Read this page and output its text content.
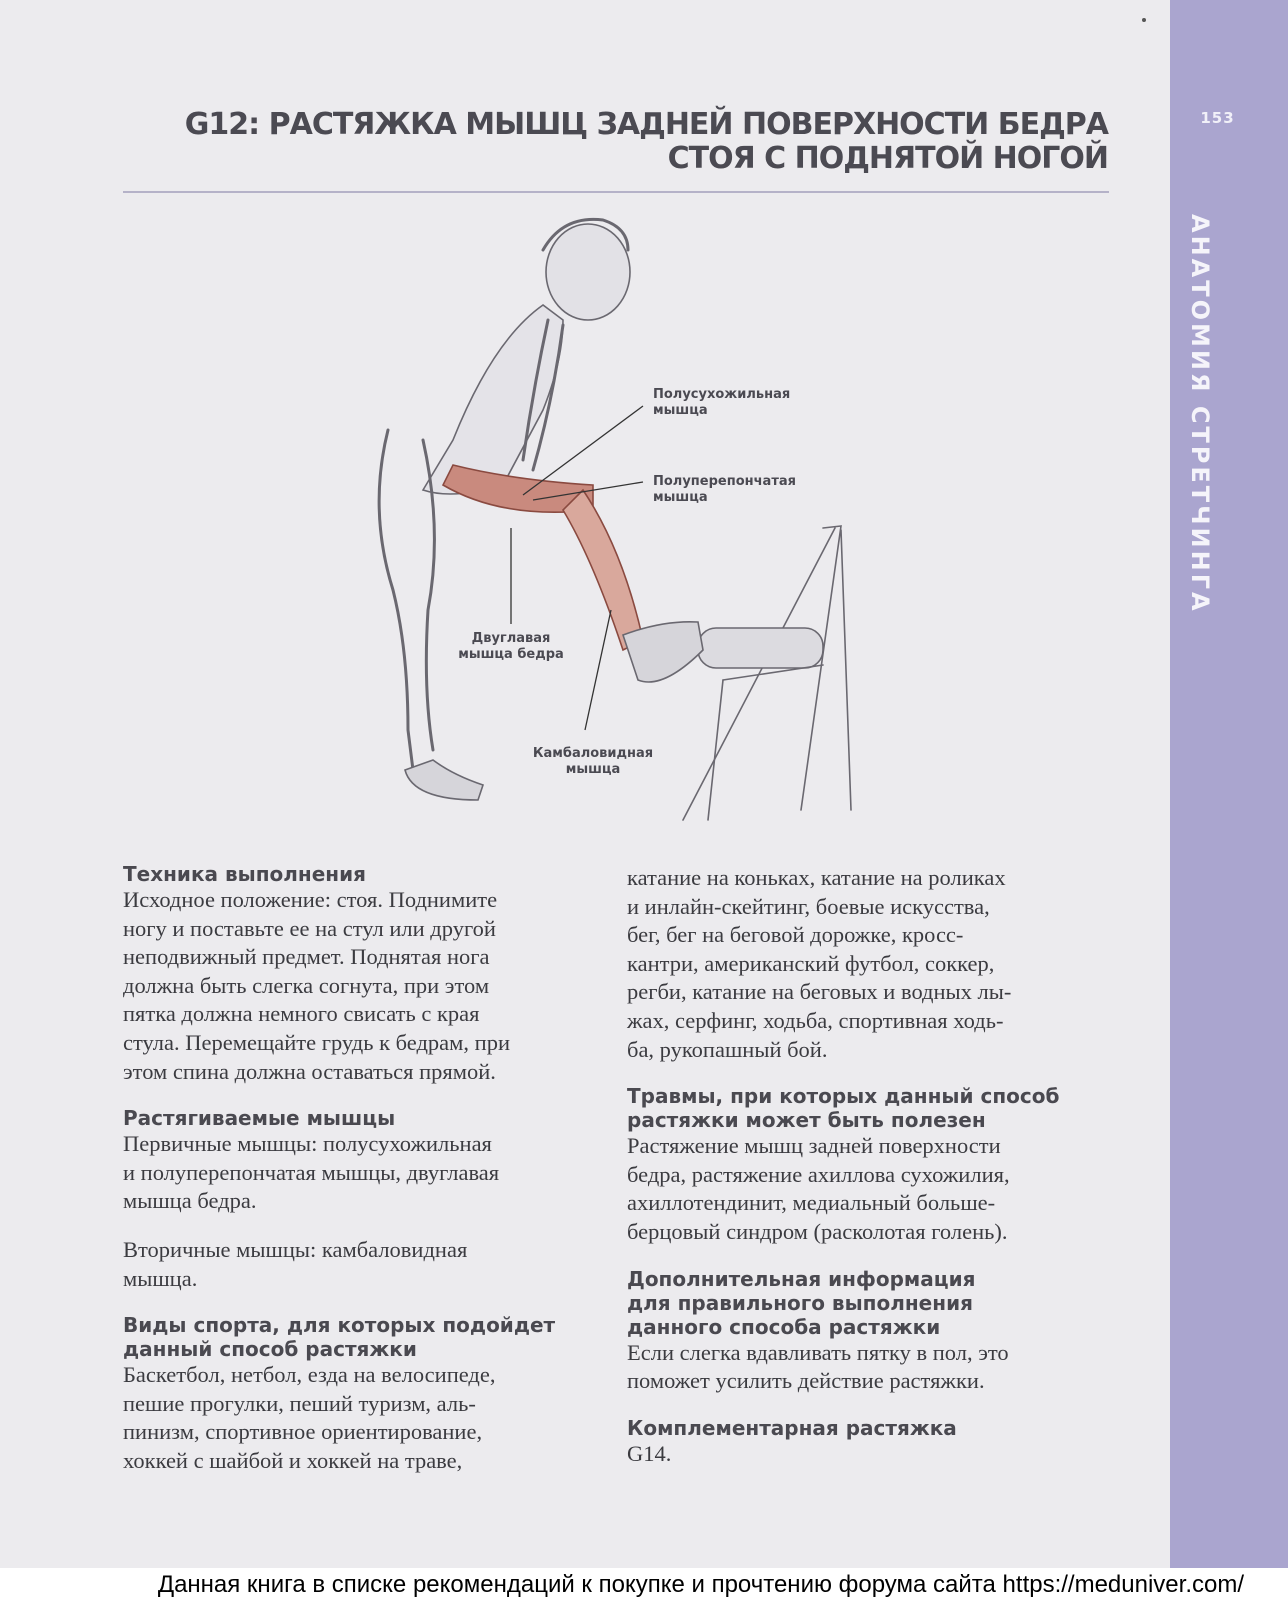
153
АНАТОМИЯ СТРЕТЧИНГА
G12: РАСТЯЖКА МЫШЦ ЗАДНЕЙ ПОВЕРХНОСТИ БЕДРА
СТОЯ С ПОДНЯТОЙ НОГОЙ
Полусухожильная
мышца
Полуперепончатая
мышца
Двуглавая
мышца бедра
Камбаловидная
мышца

Техника выполнения

Исходное положение: стоя. Поднимите
ногу и поставьте ее на стул или другой
неподвижный предмет. Поднятая нога
должна быть слегка согнута, при этом
пятка должна немного свисать с края
стула. Перемещайте грудь к бедрам, при
этом спина должна оставаться прямой.

Растягиваемые мышцы

Первичные мышцы: полусухожильная
и полуперепончатая мышцы, двуглавая
мышца бедра.

Вторичные мышцы: камбаловидная
мышца.

Виды спорта, для которых подойдет
данный способ растяжки

Баскетбол, нетбол, езда на велосипеде,
пешие прогулки, пеший туризм, аль-
пинизм, спортивное ориентирование,
хоккей с шайбой и хоккей на траве,

катание на коньках, катание на роликах
и инлайн-скейтинг, боевые искусства,
бег, бег на беговой дорожке, кросс-
кантри, американский футбол, соккер,
регби, катание на беговых и водных лы-
жах, серфинг, ходьба, спортивная ходь-
ба, рукопашный бой.

Травмы, при которых данный способ
растяжки может быть полезен

Растяжение мышц задней поверхности
бедра, растяжение ахиллова сухожилия,
ахиллотендинит, медиальный больше-
берцовый синдром (расколотая голень).

Дополнительная информация
для правильного выполнения
данного способа растяжки

Если слегка вдавливать пятку в пол, это
поможет усилить действие растяжки.

Комплементарная растяжка

G14.

Данная книга в списке рекомендаций к покупке и прочтению форума сайта https://meduniver.com/
